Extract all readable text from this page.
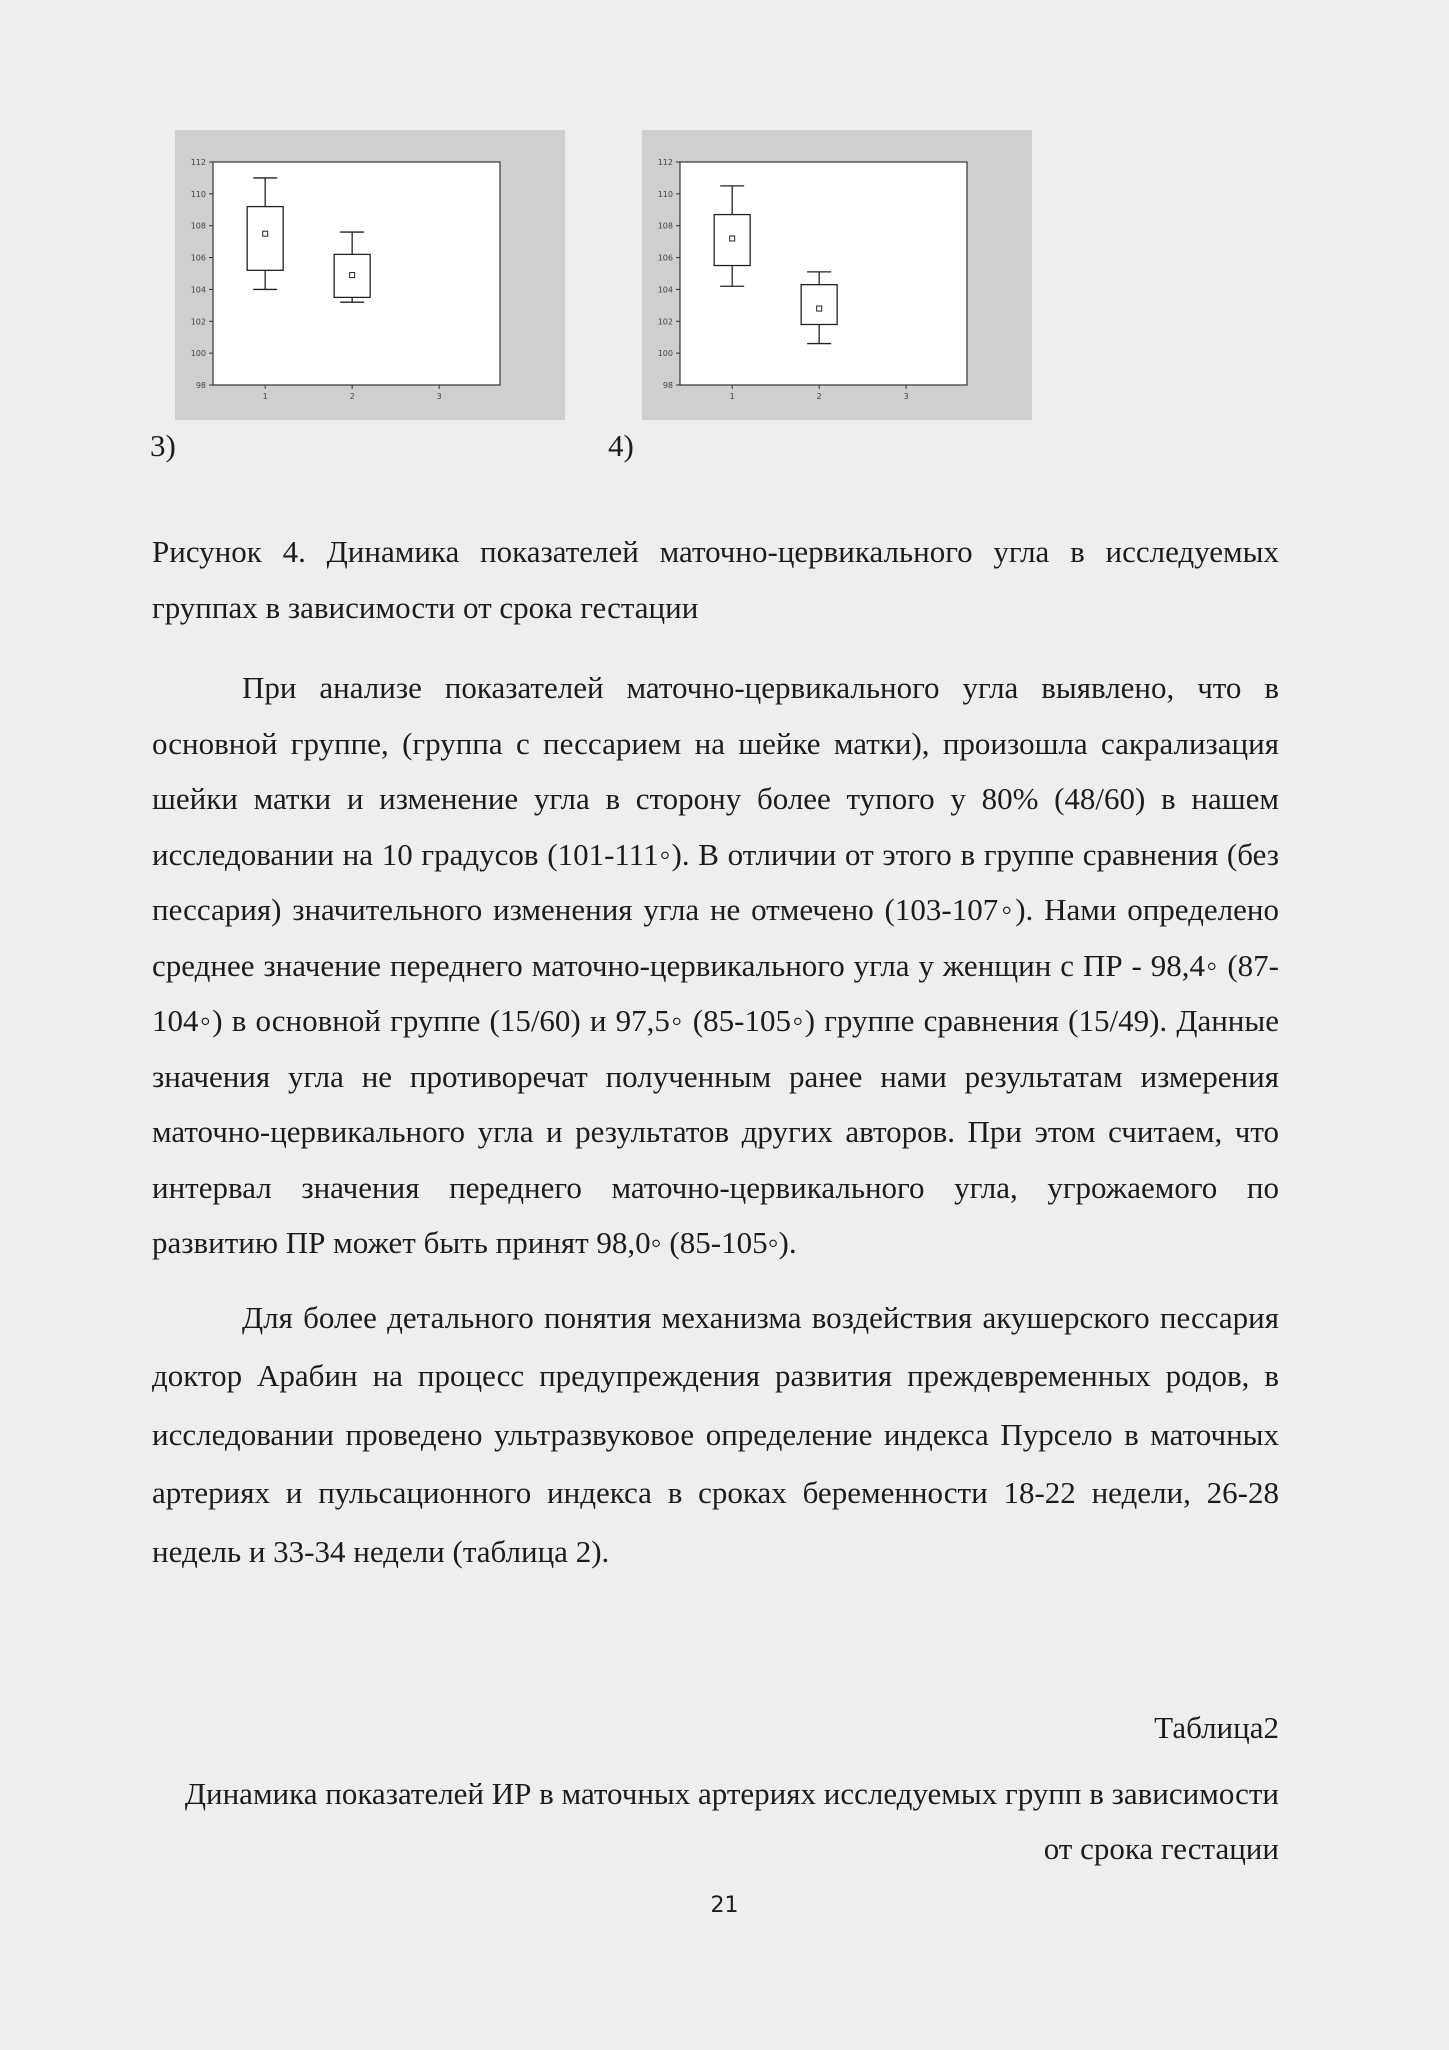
98
100
102
104
106
108
110
112
1	2	3
98
100
102
104
106
108
110
112
1	2	3
3)	4)
Рисунок 4. Динамика показателей маточно-цервикального угла в исследуемых группах в зависимости от срока гестации

При анализе показателей маточно-цервикального угла выявлено, что в основной группе, (группа с пессарием на шейке матки), произошла сакрализация шейки матки и изменение угла в сторону более тупого у 80% (48/60) в нашем исследовании на 10 градусов (101-111◦). В отличии от этого в группе сравнения (без пессария) значительного изменения угла не отмечено (103-107◦). Нами определено среднее значение переднего маточно-цервикального угла у женщин с ПР - 98,4◦ (87-104◦) в основной группе (15/60) и 97,5◦ (85-105◦) группе сравнения (15/49). Данные значения угла не противоречат полученным ранее нами результатам измерения маточно-цервикального угла и результатов других авторов. При этом считаем, что интервал значения переднего маточно-цервикального угла, угрожаемого по развитию ПР может быть принят 98,0◦ (85-105◦).

Для более детального понятия механизма воздействия акушерского пессария доктор Арабин на процесс предупреждения развития преждевременных родов, в исследовании проведено ультразвуковое определение индекса Пурсело в маточных артериях и пульсационного индекса в сроках беременности 18-22 недели, 26-28 недель и 33-34 недели (таблица 2).

Таблица2
Динамика показателей ИР в маточных артериях исследуемых групп в зависимости от срока гестации
21
